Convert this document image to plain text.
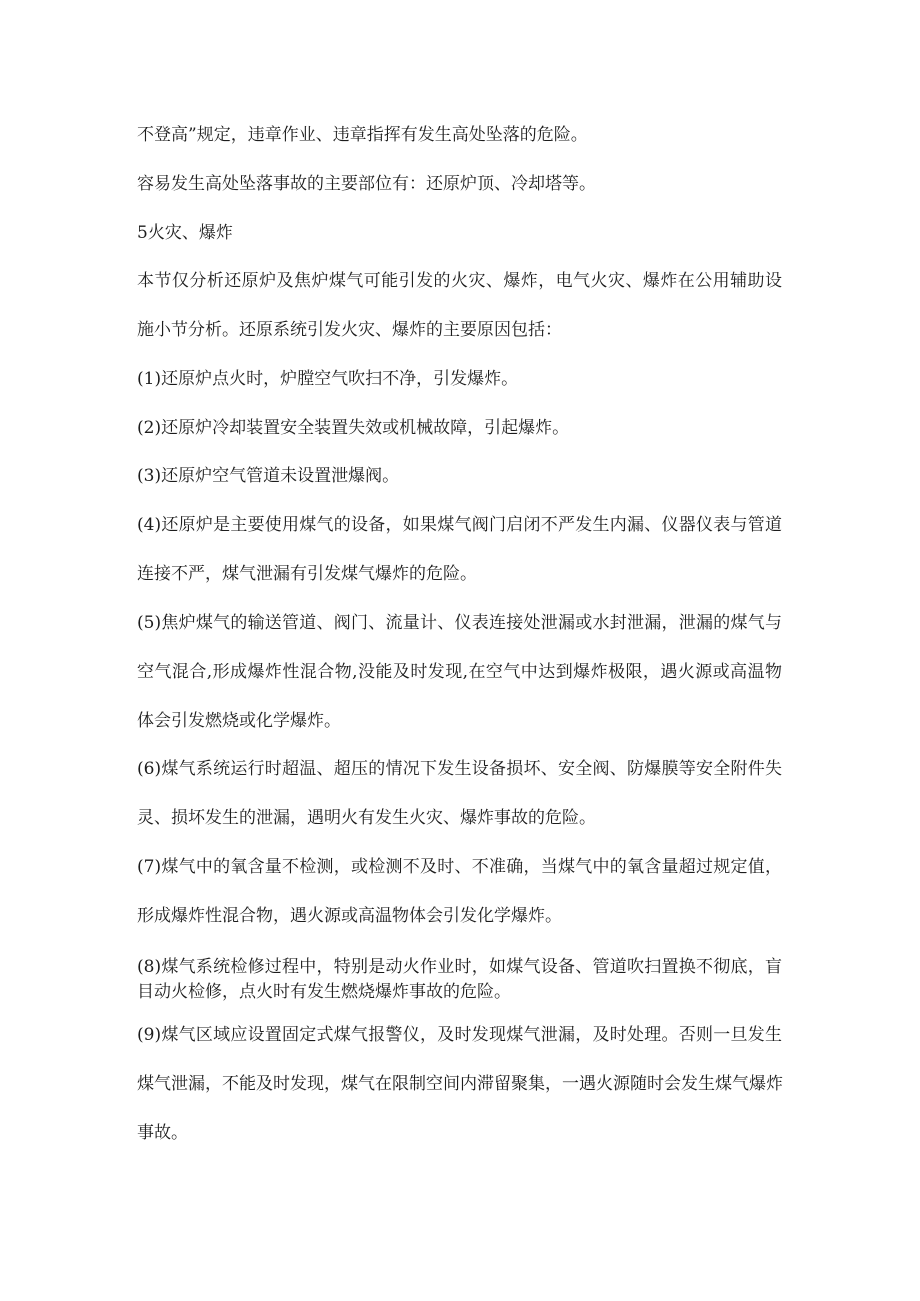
不登高”规定，违章作业、违章指挥有发生高处坠落的危险。
容易发生高处坠落事故的主要部位有：还原炉顶、冷却塔等。
5火灾、爆炸
本节仅分析还原炉及焦炉煤气可能引发的火灾、爆炸，电气火灾、爆炸在公用辅助设
施小节分析。还原系统引发火灾、爆炸的主要原因包括：
(1)还原炉点火时，炉膛空气吹扫不净，引发爆炸。
(2)还原炉冷却装置安全装置失效或机械故障，引起爆炸。
(3)还原炉空气管道未设置泄爆阀。
(4)还原炉是主要使用煤气的设备，如果煤气阀门启闭不严发生内漏、仪器仪表与管道
连接不严，煤气泄漏有引发煤气爆炸的危险。
(5)焦炉煤气的输送管道、阀门、流量计、仪表连接处泄漏或水封泄漏，泄漏的煤气与
空气混合,形成爆炸性混合物,没能及时发现,在空气中达到爆炸极限，遇火源或高温物
体会引发燃烧或化学爆炸。
(6)煤气系统运行时超温、超压的情况下发生设备损坏、安全阀、防爆膜等安全附件失
灵、损坏发生的泄漏，遇明火有发生火灾、爆炸事故的危险。
(7)煤气中的氧含量不检测，或检测不及时、不准确，当煤气中的氧含量超过规定值，
形成爆炸性混合物，遇火源或高温物体会引发化学爆炸。
(8)煤气系统检修过程中，特别是动火作业时，如煤气设备、管道吹扫置换不彻底，盲
目动火检修，点火时有发生燃烧爆炸事故的危险。
(9)煤气区域应设置固定式煤气报警仪，及时发现煤气泄漏，及时处理。否则一旦发生
煤气泄漏，不能及时发现，煤气在限制空间内滞留聚集，一遇火源随时会发生煤气爆炸
事故。
